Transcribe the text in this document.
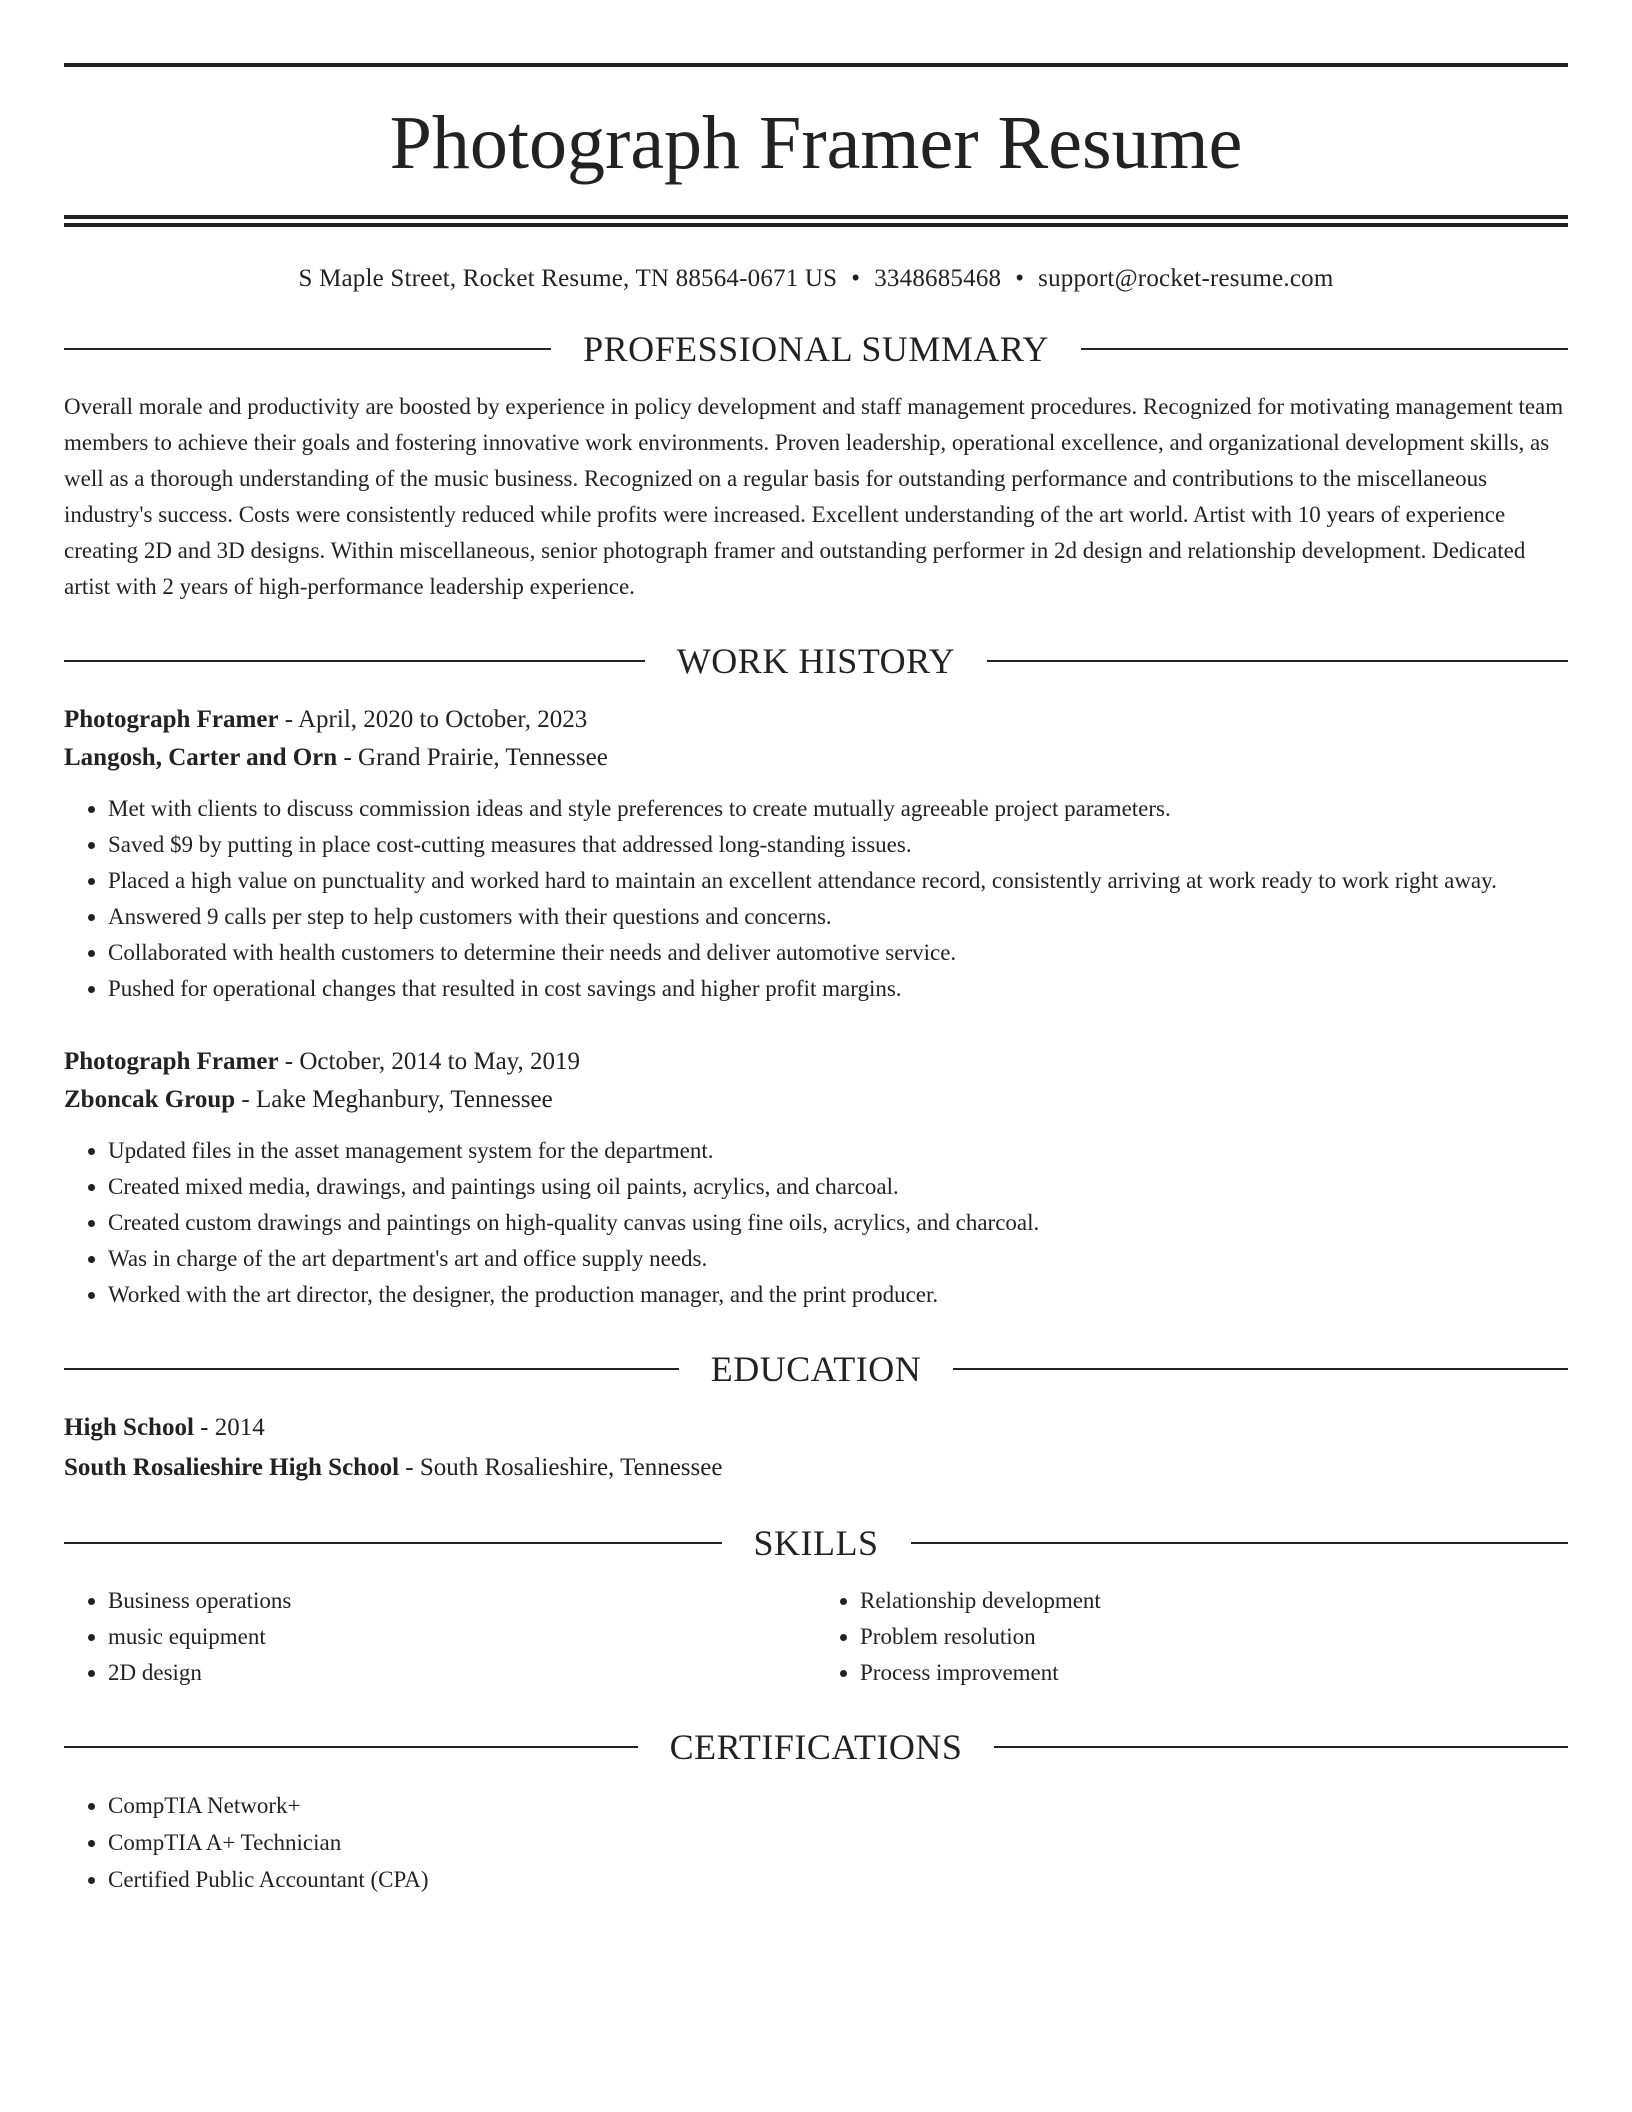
Photograph Framer Resume
S Maple Street, Rocket Resume, TN 88564-0671 US • 3348685468 • support@rocket-resume.com
PROFESSIONAL SUMMARY

Overall morale and productivity are boosted by experience in policy development and staff management procedures. Recognized for motivating management team members to achieve their goals and fostering innovative work environments. Proven leadership, operational excellence, and organizational development skills, as well as a thorough understanding of the music business. Recognized on a regular basis for outstanding performance and contributions to the miscellaneous industry's success. Costs were consistently reduced while profits were increased. Excellent understanding of the art world. Artist with 10 years of experience creating 2D and 3D designs. Within miscellaneous, senior photograph framer and outstanding performer in 2d design and relationship development. Dedicated artist with 2 years of high-performance leadership experience.

WORK HISTORY
Photograph Framer - April, 2020 to October, 2023
Langosh, Carter and Orn - Grand Prairie, Tennessee
• Met with clients to discuss commission ideas and style preferences to create mutually agreeable project parameters.
• Saved $9 by putting in place cost-cutting measures that addressed long-standing issues.
• Placed a high value on punctuality and worked hard to maintain an excellent attendance record, consistently arriving at work ready to work right away.
• Answered 9 calls per step to help customers with their questions and concerns.
• Collaborated with health customers to determine their needs and deliver automotive service.
• Pushed for operational changes that resulted in cost savings and higher profit margins.
Photograph Framer - October, 2014 to May, 2019
Zboncak Group - Lake Meghanbury, Tennessee
• Updated files in the asset management system for the department.
• Created mixed media, drawings, and paintings using oil paints, acrylics, and charcoal.
• Created custom drawings and paintings on high-quality canvas using fine oils, acrylics, and charcoal.
• Was in charge of the art department's art and office supply needs.
• Worked with the art director, the designer, the production manager, and the print producer.
EDUCATION
High School - 2014
South Rosalieshire High School - South Rosalieshire, Tennessee
SKILLS
• Business operations
• music equipment
• 2D design
• Relationship development
• Problem resolution
• Process improvement
CERTIFICATIONS
• CompTIA Network+
• CompTIA A+ Technician
• Certified Public Accountant (CPA)
